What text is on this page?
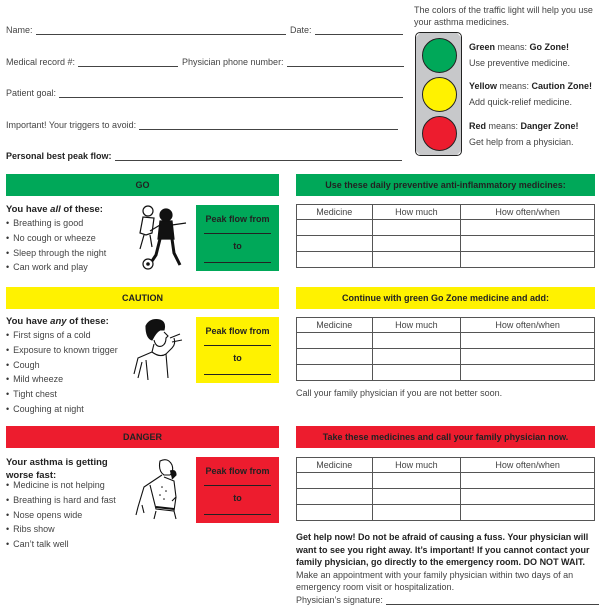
Name:	Date:
Medical record #:	Physician phone number:
Patient goal:
Important! Your triggers to avoid:
Personal best peak flow:
The colors of the traffic light will help you use your asthma medicines.
Green means: Go Zone!
Use preventive medicine.
Yellow means: Caution Zone!
Add quick-relief medicine.
Red means: Danger Zone!
Get help from a physician.
GO	Use these daily preventive anti-inflammatory medicines:
You have all of these:
• Breathing is good
• No cough or wheeze
• Sleep through the night
• Can work and play
Peak flow from
to
Medicine	How much	How often/when

CAUTION	Continue with green Go Zone medicine and add:
You have any of these:
• First signs of a cold
• Exposure to known trigger
• Cough
• Mild wheeze
• Tight chest
• Coughing at night
Peak flow from
to
Medicine	How much	How often/when

Call your family physician if you are not better soon.
DANGER	Take these medicines and call your family physician now.
Your asthma is getting worse fast:
• Medicine is not helping
• Breathing is hard and fast
• Nose opens wide
• Ribs show
• Can’t talk well
Peak flow from
to
Medicine	How much	How often/when

Get help now! Do not be afraid of causing a fuss. Your physician will want to see you right away. It’s important! If you cannot contact your family physician, go directly to the emergency room. DO NOT WAIT. Make an appointment with your family physician within two days of an emergency room visit or hospitalization.
Physician’s signature:
